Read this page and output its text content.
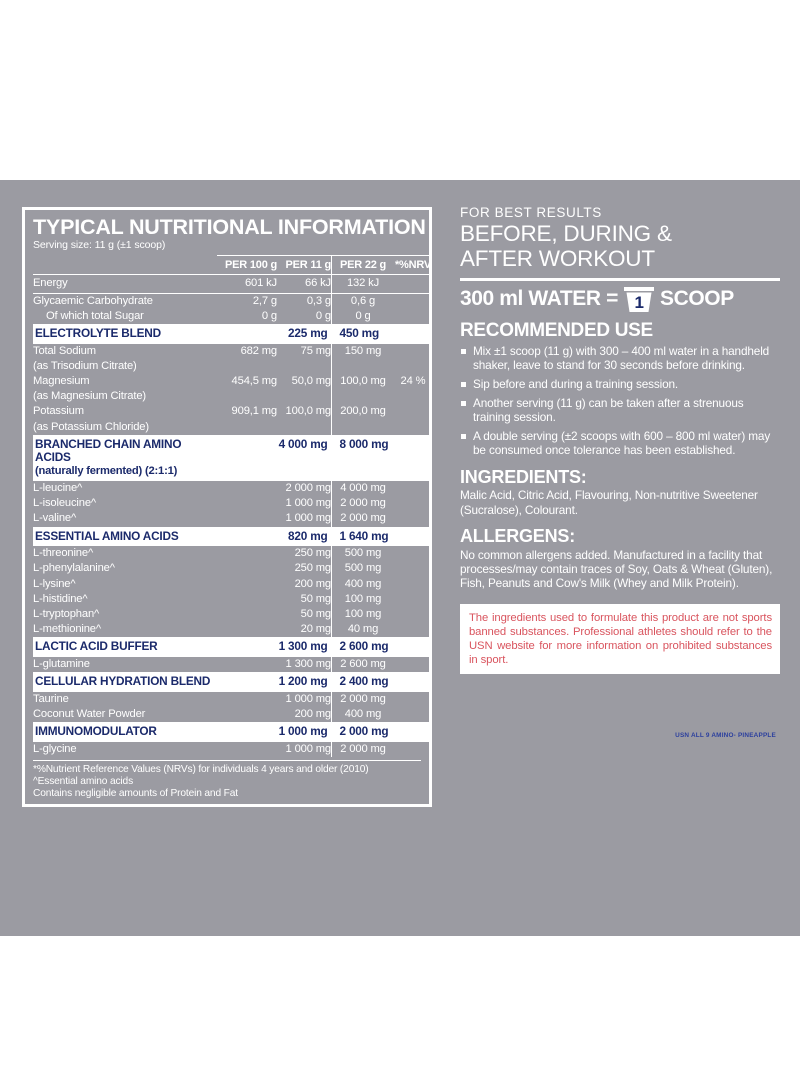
TYPICAL NUTRITIONAL INFORMATION
Serving size: 11 g (±1 scoop)
	PER 100 g	PER 11 g	PER 22 g	*%NRV
Energy	601 kJ	66 kJ	132 kJ	
Glycaemic Carbohydrate	2,7 g	0,3 g	0,6 g	
Of which total Sugar	0 g	0 g	0 g	
ELECTROLYTE BLEND		225 mg	450 mg	
Total Sodium	682 mg	75 mg	150 mg	
(as Trisodium Citrate)				
Magnesium	454,5 mg	50,0 mg	100,0 mg	24 %
(as Magnesium Citrate)				
Potassium	909,1 mg	100,0 mg	200,0 mg	
(as Potassium Chloride)				
BRANCHED CHAIN AMINO ACIDS
(naturally fermented) (2:1:1)		4 000 mg	8 000 mg	
L-leucine^		2 000 mg	4 000 mg	
L-isoleucine^		1 000 mg	2 000 mg	
L-valine^		1 000 mg	2 000 mg	
ESSENTIAL AMINO ACIDS		820 mg	1 640 mg	
L-threonine^		250 mg	500 mg	
L-phenylalanine^		250 mg	500 mg	
L-lysine^		200 mg	400 mg	
L-histidine^		50 mg	100 mg	
L-tryptophan^		50 mg	100 mg	
L-methionine^		20 mg	40 mg	
LACTIC ACID BUFFER		1 300 mg	2 600 mg	
L-glutamine		1 300 mg	2 600 mg	
CELLULAR HYDRATION BLEND		1 200 mg	2 400 mg	
Taurine		1 000 mg	2 000 mg	
Coconut Water Powder		200 mg	400 mg	
IMMUNOMODULATOR		1 000 mg	2 000 mg	
L-glycine		1 000 mg	2 000 mg	
*%Nutrient Reference Values (NRVs) for individuals 4 years and older (2010)
^Essential amino acids
Contains negligible amounts of Protein and Fat
FOR BEST RESULTS
BEFORE, DURING &
AFTER WORKOUT
300 ml WATER = 1 SCOOP
RECOMMENDED USE
Mix ±1 scoop (11 g) with 300 – 400 ml water in a handheld shaker, leave to stand for 30 seconds before drinking.
Sip before and during a training session.
Another serving (11 g) can be taken after a strenuous training session.
A double serving (±2 scoops with 600 – 800 ml water) may be consumed once tolerance has been established.
INGREDIENTS:
Malic Acid, Citric Acid, Flavouring, Non-nutritive Sweetener (Sucralose), Colourant.
ALLERGENS:
No common allergens added. Manufactured in a facility that processes/may contain traces of Soy, Oats & Wheat (Gluten), Fish, Peanuts and Cow's Milk (Whey and Milk Protein).
The ingredients used to formulate this product are not sports banned substances. Professional athletes should refer to the USN website for more information on prohibited substances in sport.
USN ALL 9 AMINO- PINEAPPLE
